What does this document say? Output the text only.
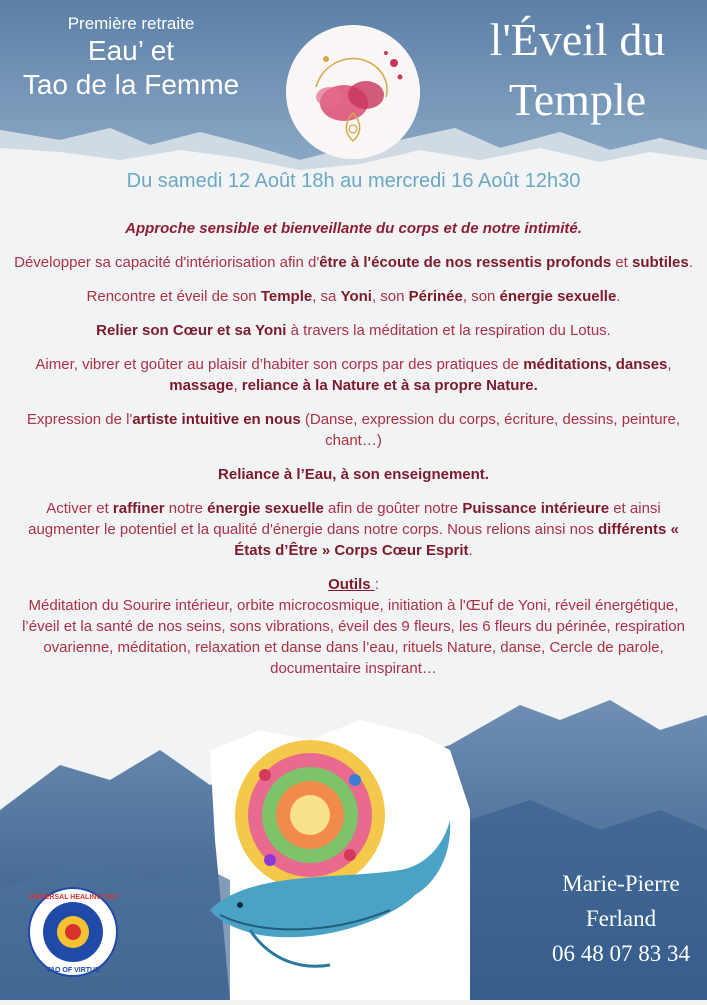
Première retraite
Eau’ et
Tao de la Femme
l'Éveil du
Temple
Du samedi 12 Août 18h au mercredi 16 Août 12h30

Approche sensible et bienveillante du corps et de notre intimité.

Développer sa capacité d'intériorisation afin d'être à l'écoute de nos ressentis profonds et subtiles.

Rencontre et éveil de son Temple, sa Yoni, son Périnée, son énergie sexuelle.

Relier son Cœur et sa Yoni à travers la méditation et la respiration du Lotus.

Aimer, vibrer et goûter au plaisir d’habiter son corps par des pratiques de méditations, danses, massage, reliance à la Nature et à sa propre Nature.

Expression de l'artiste intuitive en nous (Danse, expression du corps, écriture, dessins, peinture, chant…)

Reliance à l’Eau, à son enseignement.

Activer et raffiner notre énergie sexuelle afin de goûter notre Puissance intérieure et ainsi augmenter le potentiel et la qualité d'énergie dans notre corps. Nous relions ainsi nos différents « États d’Être » Corps Cœur Esprit.

Outils :
Méditation du Sourire intérieur, orbite microcosmique, initiation à l'Œuf de Yoni, réveil énergétique, l’éveil et la santé de nos seins, sons vibrations, éveil des 9 fleurs, les 6 fleurs du périnée, respiration ovarienne, méditation, relaxation et danse dans l’eau, rituels Nature, danse, Cercle de parole, documentaire inspirant…
UNIVERSAL HEALING TAO
TAO OF VIRTUE
Marie-Pierre
Ferland
06 48 07 83 34
